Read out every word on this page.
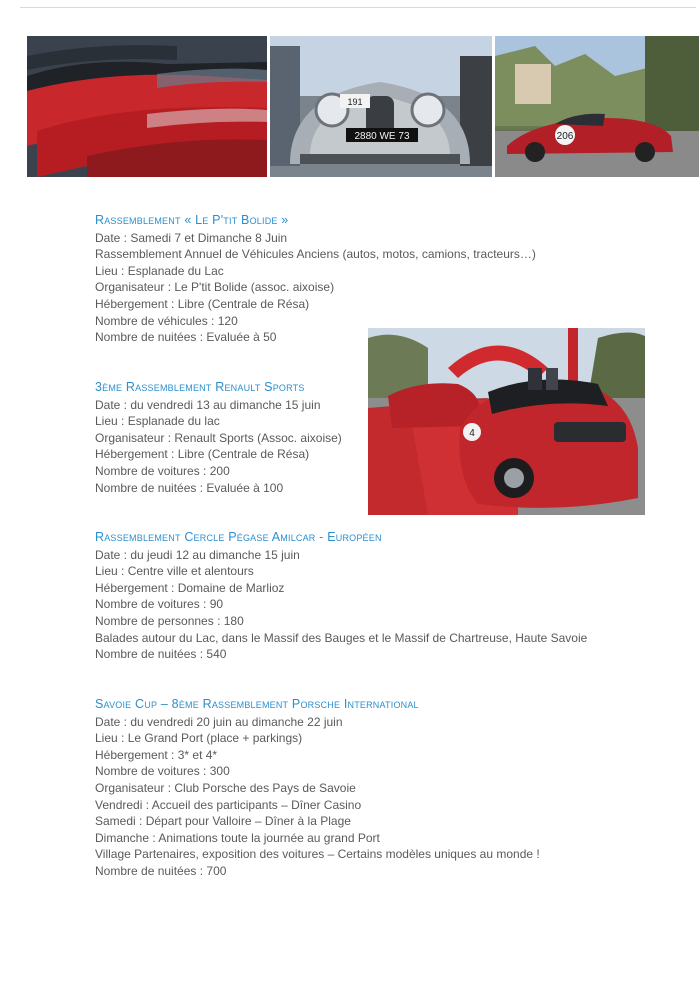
191
2880 WE 73	206
Rassemblement « Le P'tit Bolide »
Date : Samedi 7 et Dimanche 8 Juin
Rassemblement Annuel de Véhicules Anciens (autos, motos, camions, tracteurs…)
Lieu : Esplanade du Lac
Organisateur : Le P'tit Bolide (assoc. aixoise)
Hébergement : Libre (Centrale de Résa)
Nombre de véhicules : 120
Nombre de nuitées : Evaluée à 50
4
3ème Rassemblement Renault Sports
Date : du vendredi 13 au dimanche 15 juin
Lieu : Esplanade du lac
Organisateur : Renault Sports (Assoc. aixoise)
Hébergement : Libre (Centrale de Résa)
Nombre de voitures : 200
Nombre de nuitées : Evaluée à 100
Rassemblement Cercle Pégase Amilcar - Européen
Date : du jeudi 12 au dimanche 15 juin
Lieu : Centre ville et alentours
Hébergement : Domaine de Marlioz
Nombre de voitures : 90
Nombre de personnes : 180
Balades autour du Lac, dans le Massif des Bauges et le Massif de Chartreuse, Haute Savoie
Nombre de nuitées : 540
Savoie Cup – 8ème Rassemblement Porsche International
Date : du vendredi 20 juin au dimanche 22 juin
Lieu : Le Grand Port (place + parkings)
Hébergement : 3* et 4*
Nombre de voitures : 300
Organisateur : Club Porsche des Pays de Savoie
Vendredi : Accueil des participants – Dîner Casino
Samedi : Départ pour Valloire – Dîner à la Plage
Dimanche : Animations toute la journée au grand Port
Village Partenaires, exposition des voitures – Certains modèles uniques au monde !
Nombre de nuitées : 700
